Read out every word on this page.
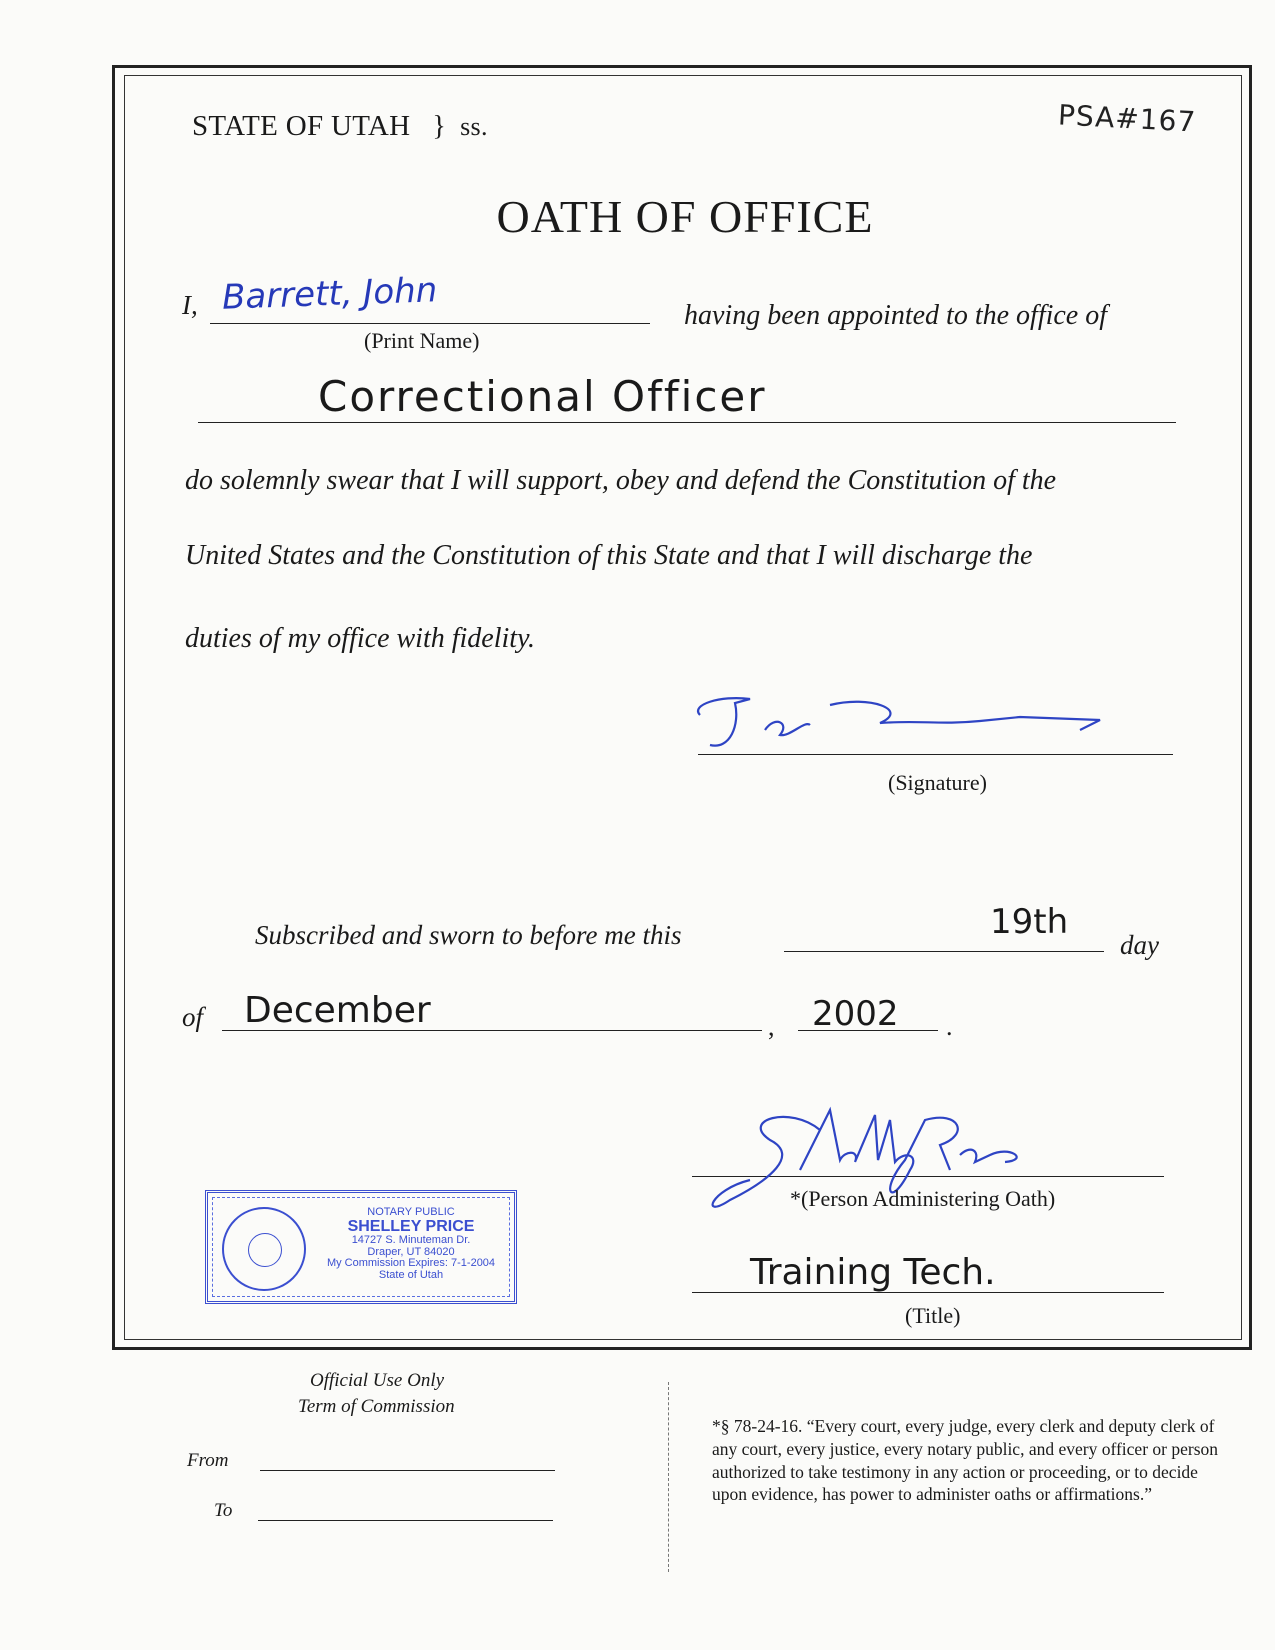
STATE OF UTAH } ss.	PSA#167
OATH OF OFFICE
I, Barrett, John
(Print Name)
having been appointed to the office of
Correctional Officer
do solemnly swear that I will support, obey and defend the Constitution of the
United States and the Constitution of this State and that I will discharge the
duties of my office with fidelity.
(Signature)
Subscribed and sworn to before me this	19th
day
of December	, 2002 .
*(Person Administering Oath)
Training Tech.
(Title)
NOTARY PUBLIC
SHELLEY PRICE
14727 S. Minuteman Dr.
Draper, UT 84020
My Commission Expires: 7-1-2004
State of Utah
Official Use Only
Term of Commission
From
To
*§ 78-24-16. “Every court, every judge, every clerk and deputy clerk of any court, every justice, every notary public, and every officer or person authorized to take testimony in any action or proceeding, or to decide upon evidence, has power to administer oaths or affirmations.”
